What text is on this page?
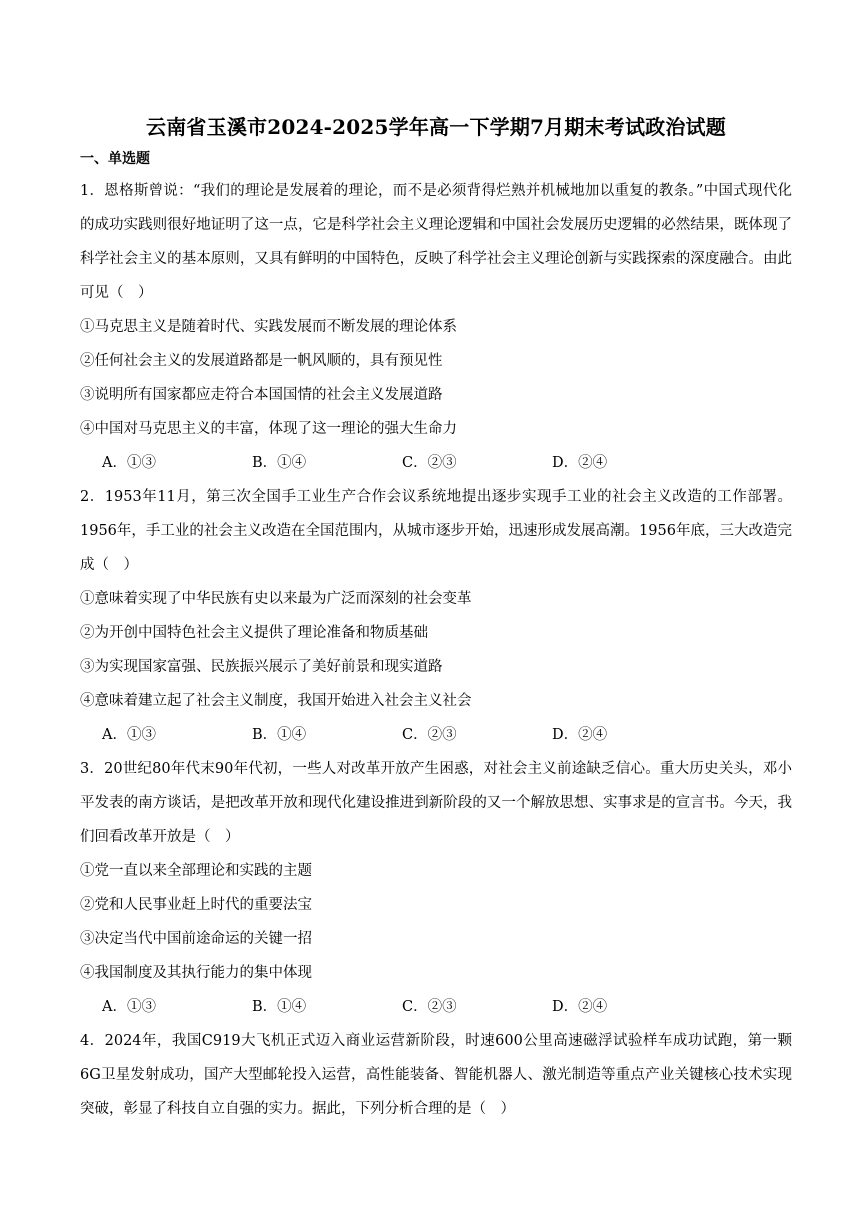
云南省玉溪市2024-2025学年高一下学期7月期末考试政治试题
一、单选题

1．恩格斯曾说：“我们的理论是发展着的理论，而不是必须背得烂熟并机械地加以重复的教条。”中国式现代化的成功实践则很好地证明了这一点，它是科学社会主义理论逻辑和中国社会发展历史逻辑的必然结果，既体现了科学社会主义的基本原则，又具有鲜明的中国特色，反映了科学社会主义理论创新与实践探索的深度融合。由此可见（　）

①马克思主义是随着时代、实践发展而不断发展的理论体系

②任何社会主义的发展道路都是一帆风顺的，具有预见性

③说明所有国家都应走符合本国国情的社会主义发展道路

④中国对马克思主义的丰富，体现了这一理论的强大生命力

A．①③	B．①④	C．②③	D．②④

2．1953年11月，第三次全国手工业生产合作会议系统地提出逐步实现手工业的社会主义改造的工作部署。1956年，手工业的社会主义改造在全国范围内，从城市逐步开始，迅速形成发展高潮。1956年底，三大改造完成（　）

①意味着实现了中华民族有史以来最为广泛而深刻的社会变革

②为开创中国特色社会主义提供了理论准备和物质基础

③为实现国家富强、民族振兴展示了美好前景和现实道路

④意味着建立起了社会主义制度，我国开始进入社会主义社会

A．①③	B．①④	C．②③	D．②④

3．20世纪80年代末90年代初，一些人对改革开放产生困惑，对社会主义前途缺乏信心。重大历史关头，邓小平发表的南方谈话，是把改革开放和现代化建设推进到新阶段的又一个解放思想、实事求是的宣言书。今天，我们回看改革开放是（　）

①党一直以来全部理论和实践的主题

②党和人民事业赶上时代的重要法宝

③决定当代中国前途命运的关键一招

④我国制度及其执行能力的集中体现

A．①③	B．①④	C．②③	D．②④

4．2024年，我国C919大飞机正式迈入商业运营新阶段，时速600公里高速磁浮试验样车成功试跑，第一颗6G卫星发射成功，国产大型邮轮投入运营，高性能装备、智能机器人、激光制造等重点产业关键核心技术实现突破，彰显了科技自立自强的实力。据此，下列分析合理的是（　）
